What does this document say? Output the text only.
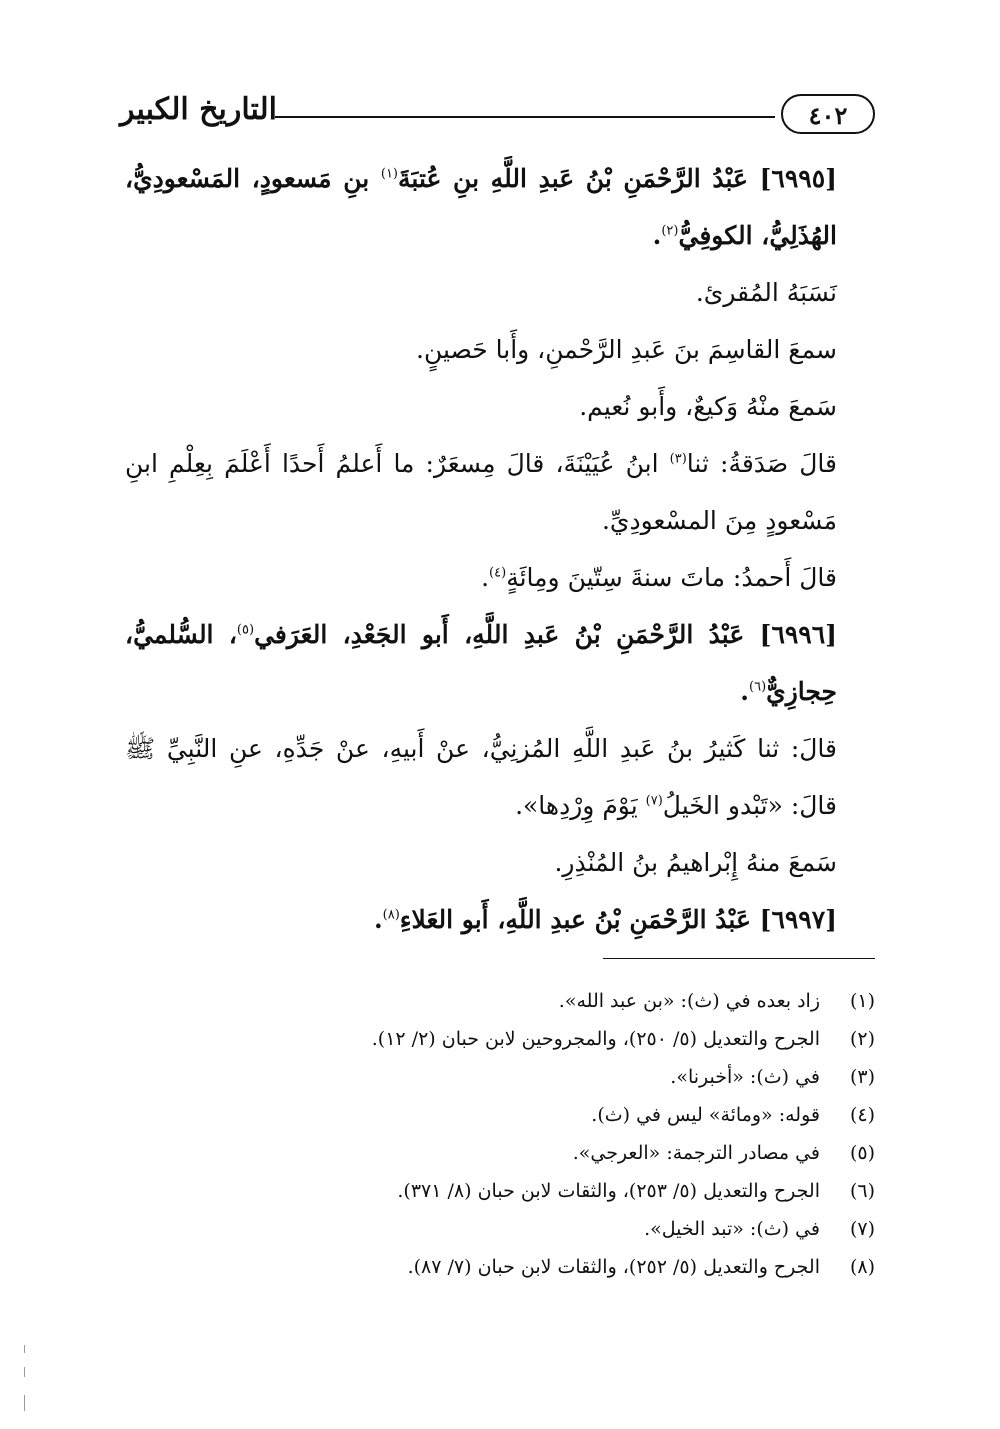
٤٠٢
التاريخ الكبير

[٦٩٩٥] عَبْدُ الرَّحْمَنِ بْنُ عَبدِ اللَّهِ بنِ عُتبَةَ$^{(١)}$ بنِ مَسعودٍ، المَسْعودِيُّ، الهُذَلِيُّ، الكوفِيُّ$^{(٢)}$.

نَسَبَهُ المُقرئ.

سمعَ القاسِمَ بنَ عَبدِ الرَّحْمنِ، وأَبا حَصينٍ.

سَمعَ منْهُ وَكيعٌ، وأَبو نُعيم.

قالَ صَدَقةُ: ثنا$^{(٣)}$ ابنُ عُيَيْنَةَ، قالَ مِسعَرٌ: ما أَعلمُ أَحدًا أَعْلَمَ بِعِلْمِ ابنِ مَسْعودٍ مِنَ المسْعودِيِّ.

قالَ أَحمدُ: ماتَ سنةَ سِتّينَ ومِائَةٍ$^{(٤)}$.

[٦٩٩٦] عَبْدُ الرَّحْمَنِ بْنُ عَبدِ اللَّهِ، أَبو الجَعْدِ، العَرَفي$^{(٥)}$، السُّلميُّ، حِجازِيٌّ$^{(٦)}$.

قالَ: ثنا كَثيرُ بنُ عَبدِ اللَّهِ المُزنِيُّ، عنْ أَبيهِ، عنْ جَدِّهِ، عنِ النَّبِيِّ ﷺ قالَ: «تَبْدو الخَيلُ$^{(٧)}$ يَوْمَ وِرْدِها».

سَمعَ منهُ إِبْراهيمُ بنُ المُنْذِرِ.

[٦٩٩٧] عَبْدُ الرَّحْمَنِ بْنُ عبدِ اللَّهِ، أَبو العَلاءِ$^{(٨)}$.

(١)
زاد بعده في (ث): «بن عبد الله».
(٢)
الجرح والتعديل (٥/ ٢٥٠)، والمجروحين لابن حبان (٢/ ١٢).
(٣)
في (ث): «أخبرنا».
(٤)
قوله: «ومائة» ليس في (ث).
(٥)
في مصادر الترجمة: «العرجي».
(٦)
الجرح والتعديل (٥/ ٢٥٣)، والثقات لابن حبان (٨/ ٣٧١).
(٧)
في (ث): «تبد الخيل».
(٨)
الجرح والتعديل (٥/ ٢٥٢)، والثقات لابن حبان (٧/ ٨٧).
